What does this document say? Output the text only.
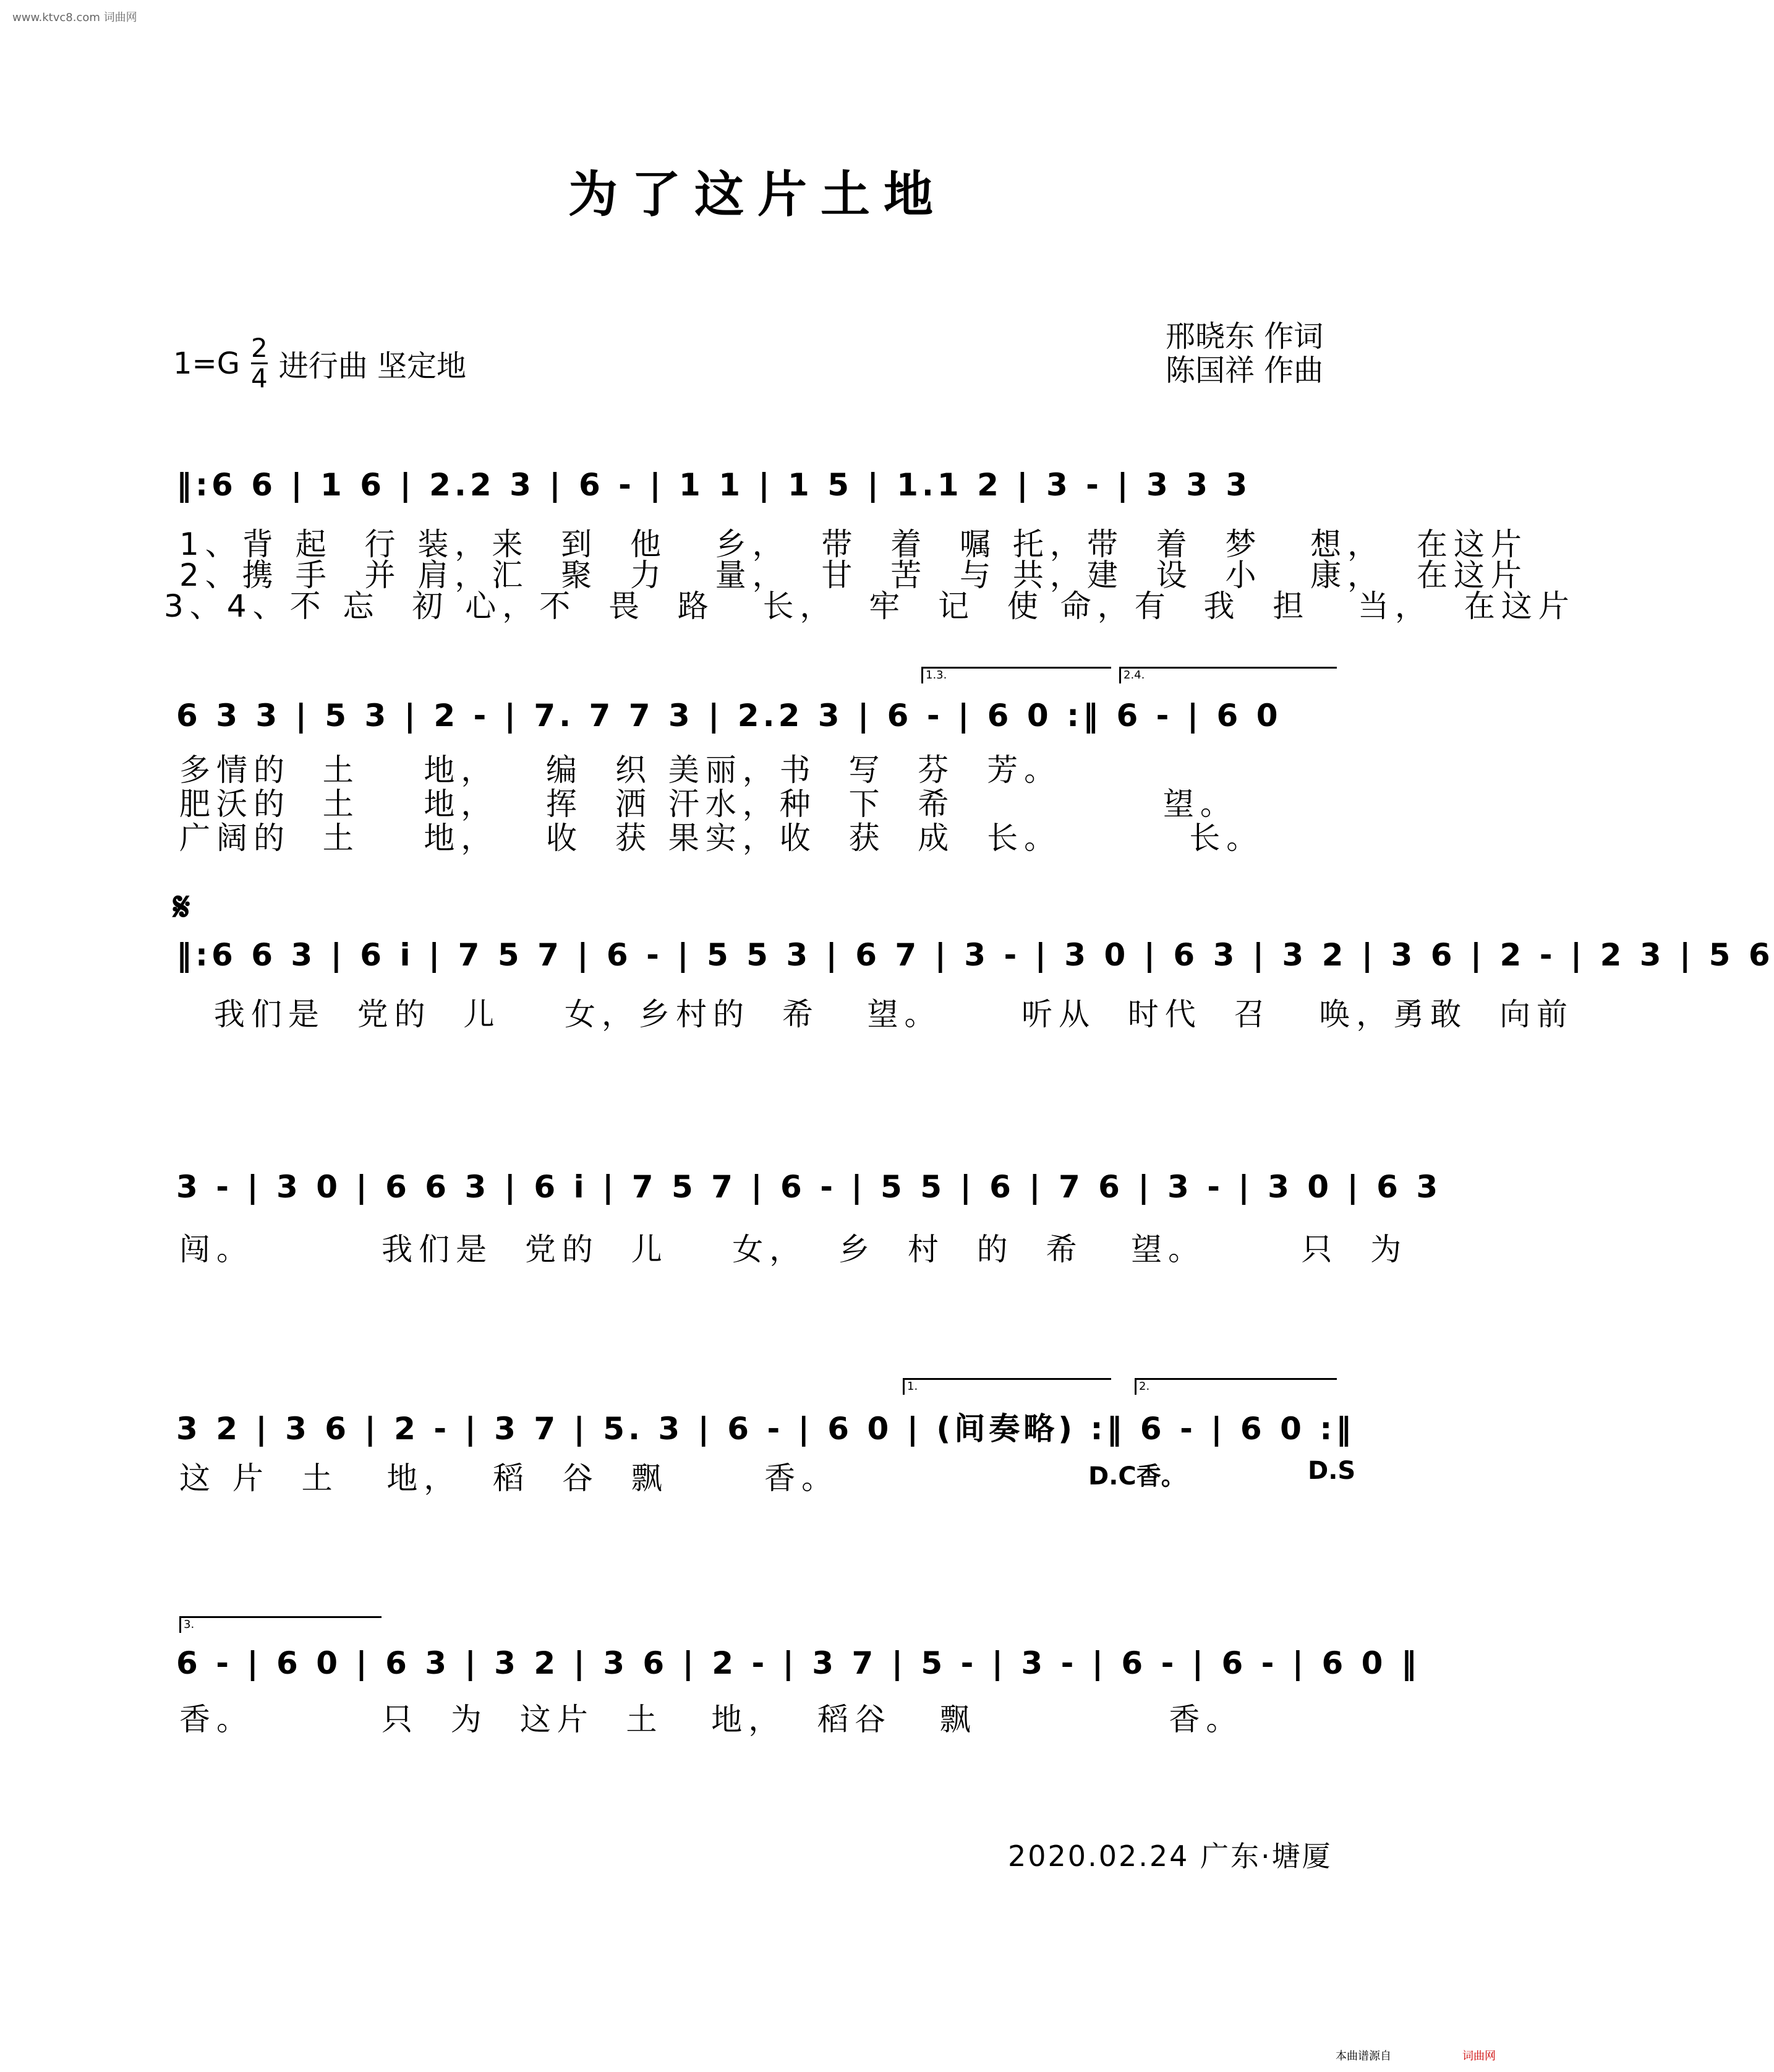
www.ktvc8.com 词曲网
为了这片土地
$1=G \frac{2}{4}$ 进行曲 坚定地
邢晓东 作词
陈国祥 作曲
‖:6 6 | 1 6 | 2.2 3 | 6 - | 1 1 | 1 5 | 1.1 2 | 3 - | 3 3 3
1、背 起  行 装，来  到  他   乡，  带  着  嘱 托，带  着  梦   想，  在这片
2、携 手  并 肩，汇  聚  力   量，  甘  苦  与 共，建  设  小   康，  在这片
3、4、不 忘  初 心，不  畏  路   长，  牢  记  使 命，有  我  担   当，  在这片
1.3.	2.4.
6 3 3 | 5 3 | 2 - | 7. 7 7 3 | 2.2 3 | 6 - | 6 0 :‖ 6 - | 6 0
多情的  土    地，   编  织 美丽，书  写  芬  芳。
肥沃的  土    地，   挥  洒 汗水，种  下  希             望。
广阔的  土    地，   收  获 果实，收  获  成  长。        长。
𝄋
‖:6 6 3 | 6 i | 7 5 7 | 6 - | 5 5 3 | 6 7 | 3 - | 3 0 | 6 3 | 3 2 | 3 6 | 2 - | 2 3 | 5 6
我们是  党的  儿    女，乡村的  希   望。     听从  时代  召   唤，勇敢  向前
3 - | 3 0 | 6 6 3 | 6 i | 7 5 7 | 6 - | 5 5 | 6 | 7 6 | 3 - | 3 0 | 6 3
闯。        我们是  党的  儿    女，  乡  村  的  希   望。      只  为
1.	2.
3 2 | 3 6 | 2 - | 3 7 | 5. 3 | 6 - | 6 0 | (间奏略) :‖ 6 - | 6 0 :‖
这 片  土   地，  稻  谷  飘      香。	D.C香。	D.S
3.
6 - | 6 0 | 6 3 | 3 2 | 3 6 | 2 - | 3 7 | 5 - | 3 - | 6 - | 6 - | 6 0 ‖
香。        只  为  这片  土   地，  稻谷   飘            香。
2020.02.24 广东·塘厦
本曲谱源自	词曲网
